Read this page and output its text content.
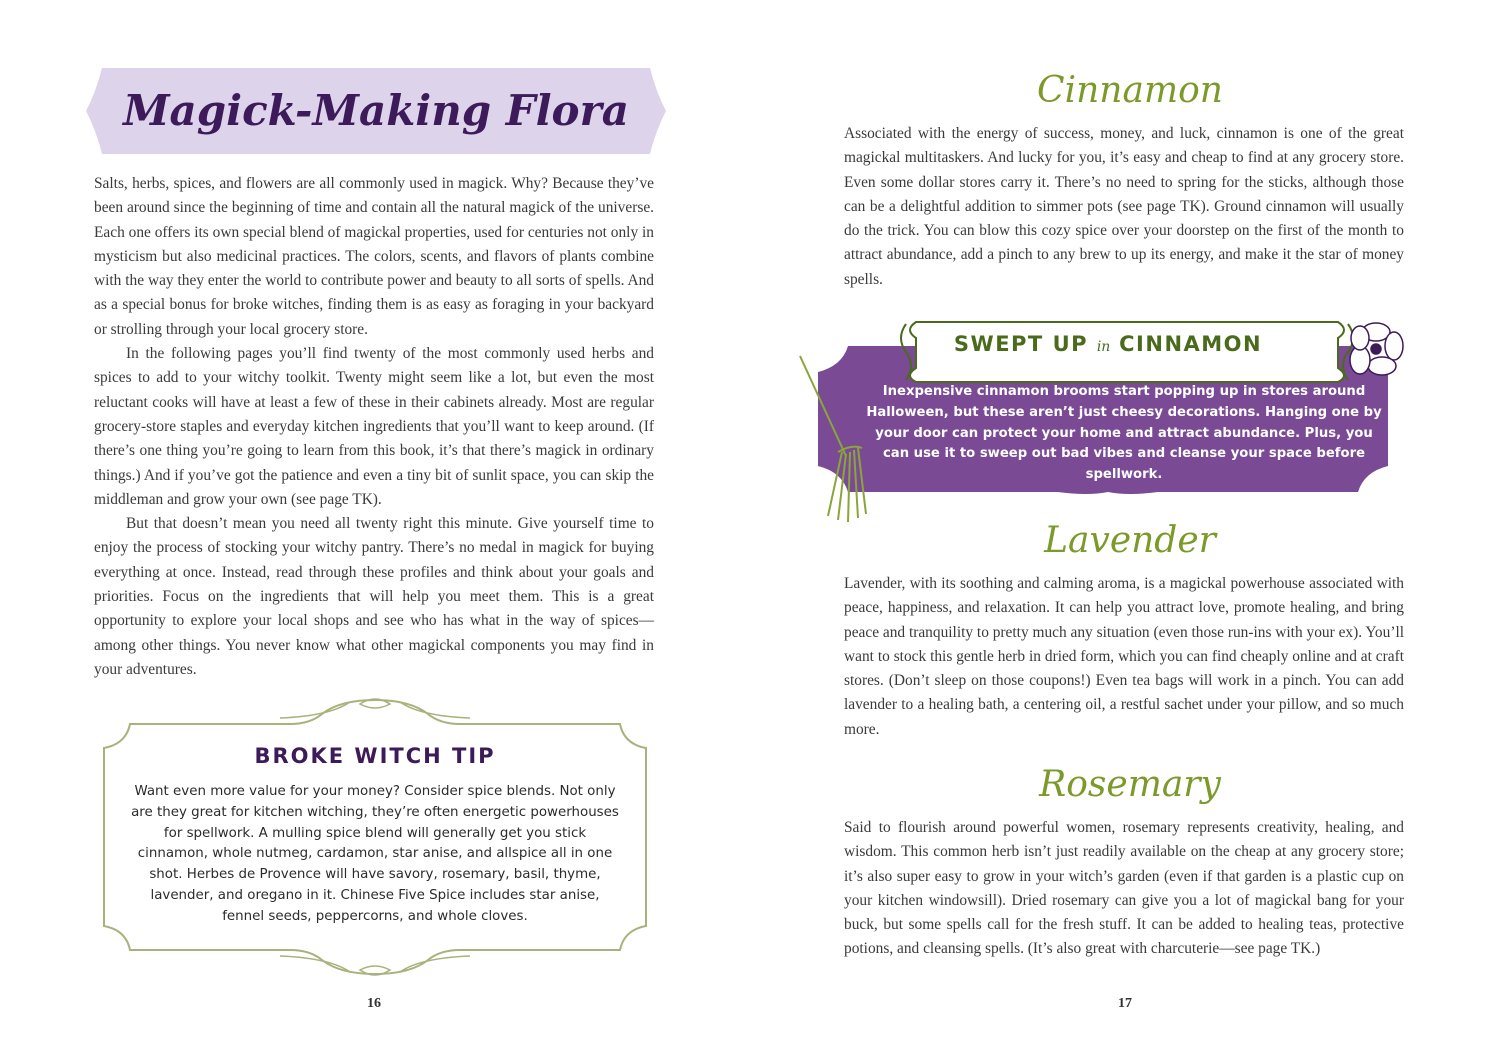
Magick-Making Flora

Salts, herbs, spices, and flowers are all commonly used in magick. Why? Because they’ve been around since the beginning of time and contain all the natural magick of the universe. Each one offers its own special blend of magickal properties, used for centuries not only in mysticism but also medicinal practices. The colors, scents, and flavors of plants combine with the way they enter the world to contribute power and beauty to all sorts of spells. And as a special bonus for broke witches, finding them is as easy as foraging in your backyard or strolling through your local grocery store.

In the following pages you’ll find twenty of the most commonly used herbs and spices to add to your witchy toolkit. Twenty might seem like a lot, but even the most reluctant cooks will have at least a few of these in their cabinets already. Most are regular grocery-store staples and everyday kitchen ingredients that you’ll want to keep around. (If there’s one thing you’re going to learn from this book, it’s that there’s magick in ordinary things.) And if you’ve got the patience and even a tiny bit of sunlit space, you can skip the middleman and grow your own (see page TK).

But that doesn’t mean you need all twenty right this minute. Give yourself time to enjoy the process of stocking your witchy pantry. There’s no medal in magick for buying everything at once. Instead, read through these profiles and think about your goals and priorities. Focus on the ingredients that will help you meet them. This is a great opportunity to explore your local shops and see who has what in the way of spices—among other things. You never know what other magickal components you may find in your adventures.

BROKE WITCH TIP

Want even more value for your money? Consider spice blends. Not only are they great for kitchen witching, they’re often energetic powerhouses for spellwork. A mulling spice blend will generally get you stick cinnamon, whole nutmeg, cardamon, star anise, and allspice all in one shot. Herbes de Provence will have savory, rosemary, basil, thyme, lavender, and oregano in it. Chinese Five Spice includes star anise, fennel seeds, peppercorns, and whole cloves.

16
Cinnamon

Associated with the energy of success, money, and luck, cinnamon is one of the great magickal multitaskers. And lucky for you, it’s easy and cheap to find at any grocery store. Even some dollar stores carry it. There’s no need to spring for the sticks, although those can be a delightful addition to simmer pots (see page TK). Ground cinnamon will usually do the trick. You can blow this cozy spice over your doorstep on the first of the month to attract abundance, add a pinch to any brew to up its energy, and make it the star of money spells.

SWEPT UP in CINNAMON

Inexpensive cinnamon brooms start popping up in stores around Halloween, but these aren’t just cheesy decorations. Hanging one by your door can protect your home and attract abundance. Plus, you can use it to sweep out bad vibes and cleanse your space before spellwork.

Lavender

Lavender, with its soothing and calming aroma, is a magickal powerhouse associated with peace, happiness, and relaxation. It can help you attract love, promote healing, and bring peace and tranquility to pretty much any situation (even those run-ins with your ex). You’ll want to stock this gentle herb in dried form, which you can find cheaply online and at craft stores. (Don’t sleep on those coupons!) Even tea bags will work in a pinch. You can add lavender to a healing bath, a centering oil, a restful sachet under your pillow, and so much more.

Rosemary

Said to flourish around powerful women, rosemary represents creativity, healing, and wisdom. This common herb isn’t just readily available on the cheap at any grocery store; it’s also super easy to grow in your witch’s garden (even if that garden is a plastic cup on your kitchen windowsill). Dried rosemary can give you a lot of magickal bang for your buck, but some spells call for the fresh stuff. It can be added to healing teas, protective potions, and cleansing spells. (It’s also great with charcuterie—see page TK.)

17
